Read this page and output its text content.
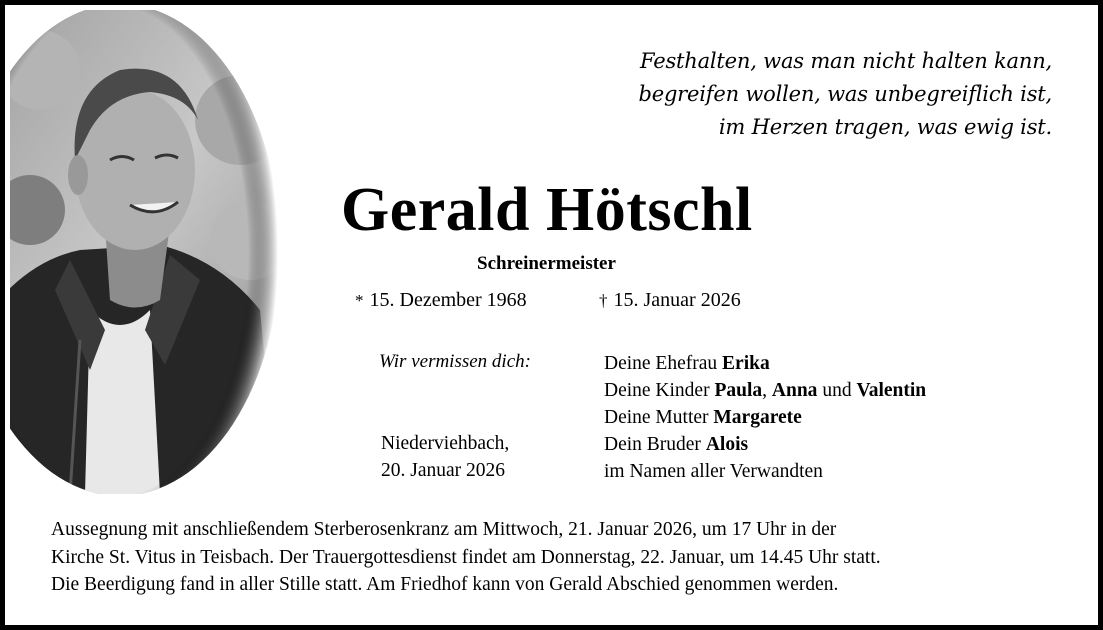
Festhalten, was man nicht halten kann,
begreifen wollen, was unbegreiflich ist,
im Herzen tragen, was ewig ist.
Gerald Hötschl
Schreinermeister
* 15. Dezember 1968	† 15. Januar 2026
Wir vermissen dich:
Niederviehbach,
20. Januar 2026
Deine Ehefrau Erika
Deine Kinder Paula, Anna und Valentin
Deine Mutter Margarete
Dein Bruder Alois
im Namen aller Verwandten
Aussegnung mit anschließendem Sterberosenkranz am Mittwoch, 21. Januar 2026, um 17 Uhr in der
Kirche St. Vitus in Teisbach. Der Trauergottesdienst findet am Donnerstag, 22. Januar, um 14.45 Uhr statt.
Die Beerdigung fand in aller Stille statt. Am Friedhof kann von Gerald Abschied genommen werden.
